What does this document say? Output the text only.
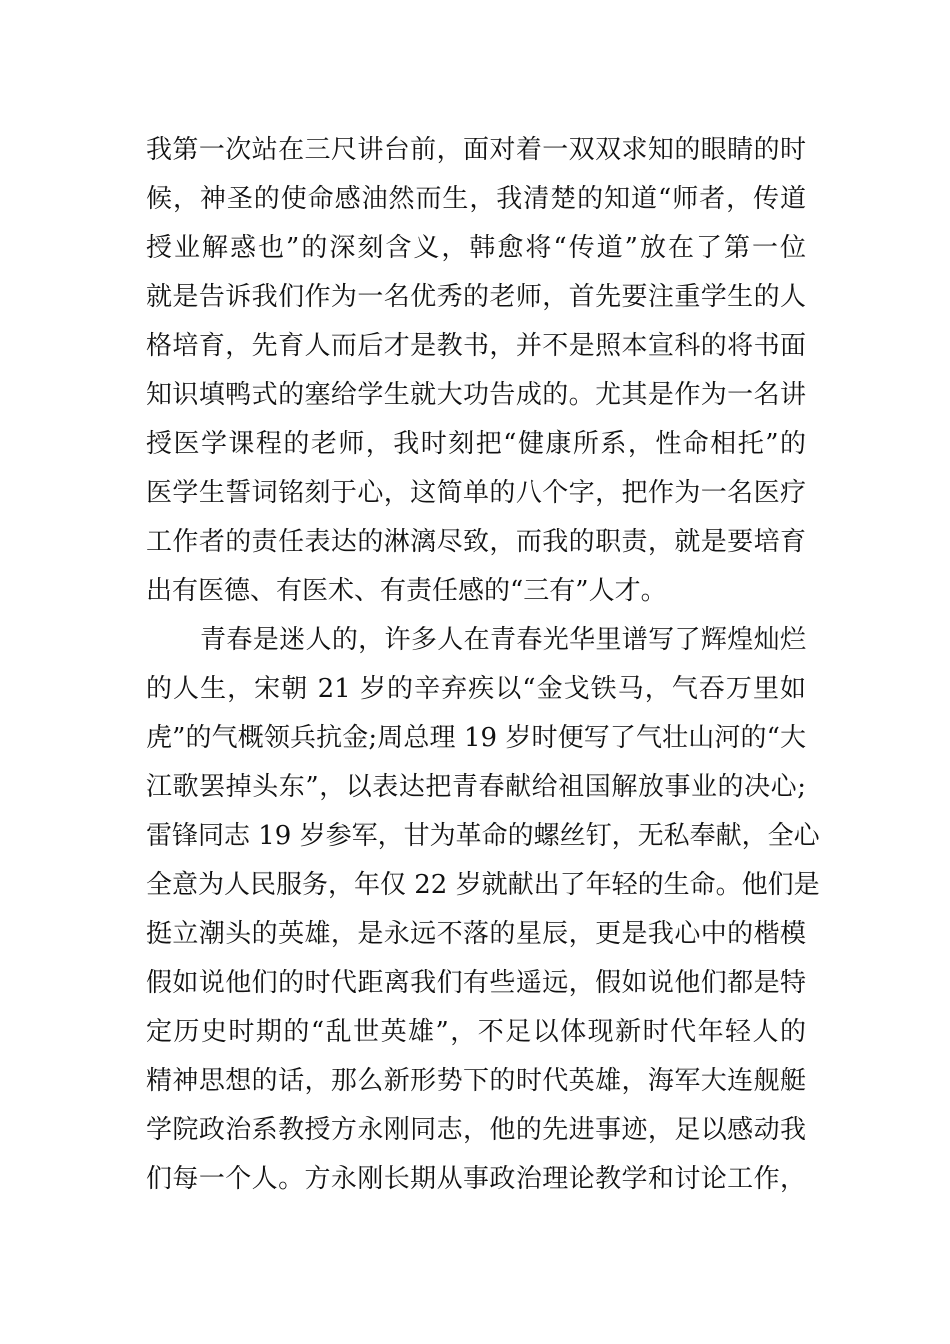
我第一次站在三尺讲台前，面对着一双双求知的眼睛的时
候，神圣的使命感油然而生，我清楚的知道“师者，传道
授业解惑也”的深刻含义，韩愈将“传道”放在了第一位
就是告诉我们作为一名优秀的老师，首先要注重学生的人
格培育，先育人而后才是教书，并不是照本宣科的将书面
知识填鸭式的塞给学生就大功告成的。尤其是作为一名讲
授医学课程的老师，我时刻把“健康所系，性命相托”的
医学生誓词铭刻于心，这简单的八个字，把作为一名医疗
工作者的责任表达的淋漓尽致，而我的职责，就是要培育
出有医德、有医术、有责任感的“三有”人才。
青春是迷人的，许多人在青春光华里谱写了辉煌灿烂
的人生，宋朝 21 岁的辛弃疾以“金戈铁马，气吞万里如
虎”的气概领兵抗金;周总理 19 岁时便写了气壮山河的“大
江歌罢掉头东”，以表达把青春献给祖国解放事业的决心;
雷锋同志 19 岁参军，甘为革命的螺丝钉，无私奉献，全心
全意为人民服务，年仅 22 岁就献出了年轻的生命。他们是
挺立潮头的英雄，是永远不落的星辰，更是我心中的楷模
假如说他们的时代距离我们有些遥远，假如说他们都是特
定历史时期的“乱世英雄”，不足以体现新时代年轻人的
精神思想的话，那么新形势下的时代英雄，海军大连舰艇
学院政治系教授方永刚同志，他的先进事迹，足以感动我
们每一个人。方永刚长期从事政治理论教学和讨论工作，
